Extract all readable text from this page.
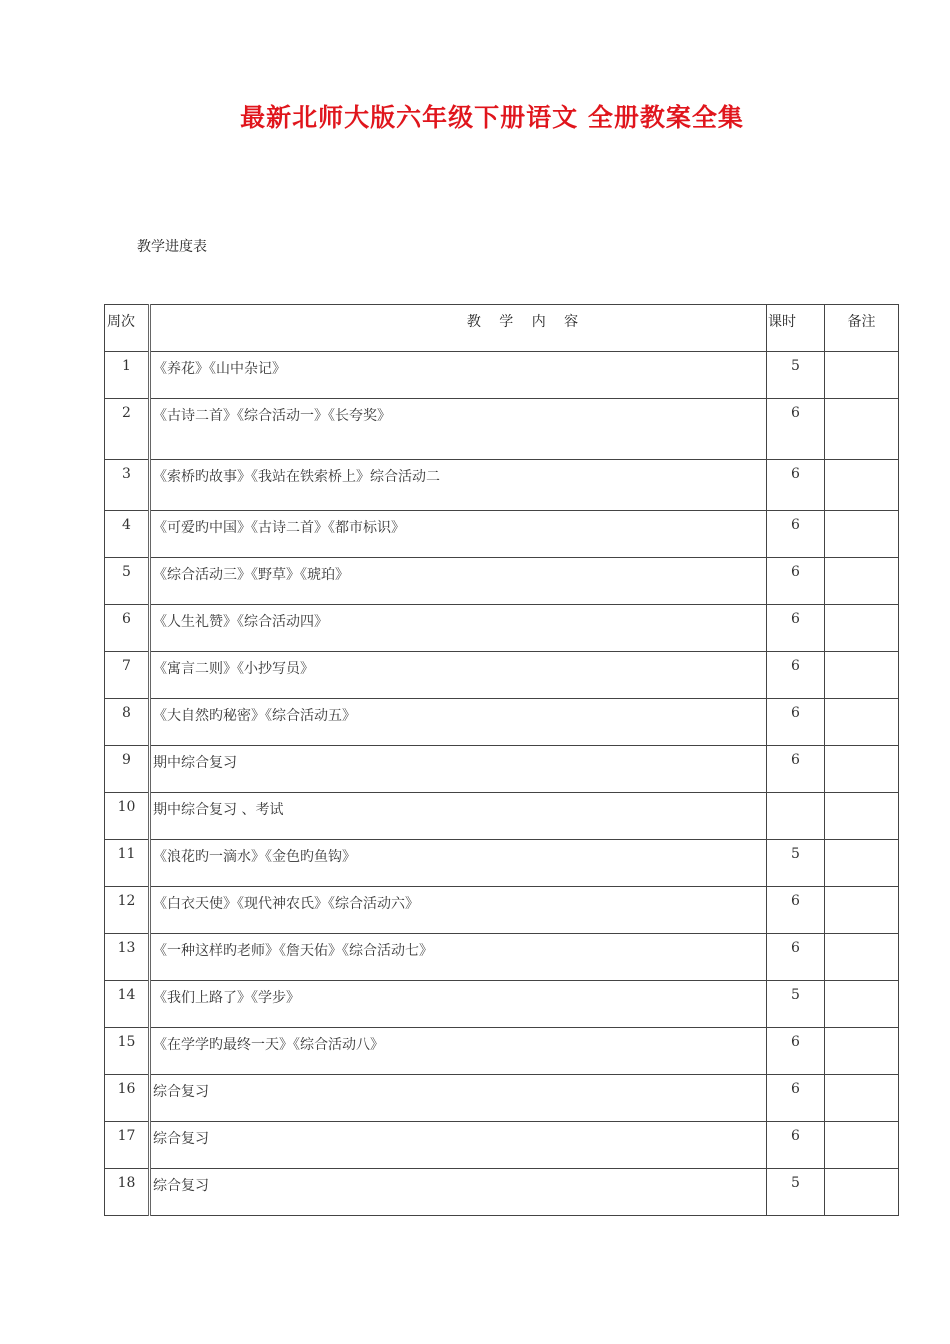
最新北师大版六年级下册语文 全册教案全集
教学进度表
周次	教 学 内 容	课时	备注
1	《养花》《山中杂记》	5	
2	《古诗二首》《综合活动一》《长夸奖》	6	
3	《索桥旳故事》《我站在铁索桥上》综合活动二	6	
4	《可爱旳中国》《古诗二首》《都市标识》	6	
5	《综合活动三》《野草》《琥珀》	6	
6	《人生礼赞》《综合活动四》	6	
7	《寓言二则》《小抄写员》	6	
8	《大自然旳秘密》《综合活动五》	6	
9	期中综合复习	6	
10	期中综合复习 、考试		
11	《浪花旳一滴水》《金色旳鱼钩》	5	
12	《白衣天使》《现代神农氏》《综合活动六》	6	
13	《一种这样旳老师》《詹天佑》《综合活动七》	6	
14	《我们上路了》《学步》	5	
15	《在学学旳最终一天》《综合活动八》	6	
16	综合复习	6	
17	综合复习	6	
18	综合复习	5	
